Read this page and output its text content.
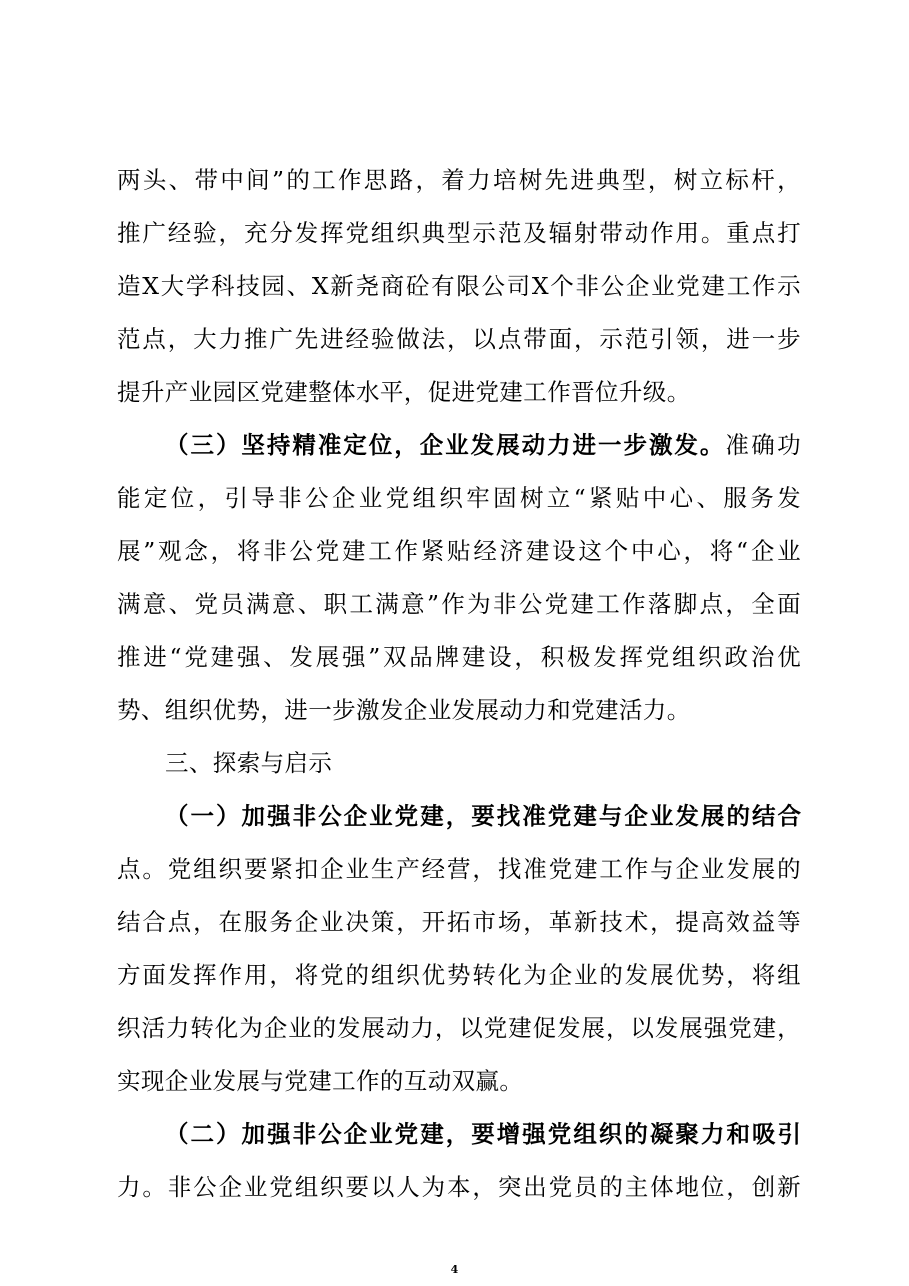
两头、带中间”的工作思路，着力培树先进典型，树立标杆，
推广经验，充分发挥党组织典型示范及辐射带动作用。重点打
造X大学科技园、X新尧商砼有限公司X个非公企业党建工作示
范点，大力推广先进经验做法，以点带面，示范引领，进一步
提升产业园区党建整体水平，促进党建工作晋位升级。
（三）坚持精准定位，企业发展动力进一步激发。准确功
能定位，引导非公企业党组织牢固树立“紧贴中心、服务发
展”观念，将非公党建工作紧贴经济建设这个中心，将“企业
满意、党员满意、职工满意”作为非公党建工作落脚点，全面
推进“党建强、发展强”双品牌建设，积极发挥党组织政治优
势、组织优势，进一步激发企业发展动力和党建活力。
三、探索与启示
（一）加强非公企业党建，要找准党建与企业发展的结合
点。党组织要紧扣企业生产经营，找准党建工作与企业发展的
结合点，在服务企业决策，开拓市场，革新技术，提高效益等
方面发挥作用，将党的组织优势转化为企业的发展优势，将组
织活力转化为企业的发展动力，以党建促发展，以发展强党建，
实现企业发展与党建工作的互动双赢。
（二）加强非公企业党建，要增强党组织的凝聚力和吸引
力。非公企业党组织要以人为本，突出党员的主体地位，创新
4
